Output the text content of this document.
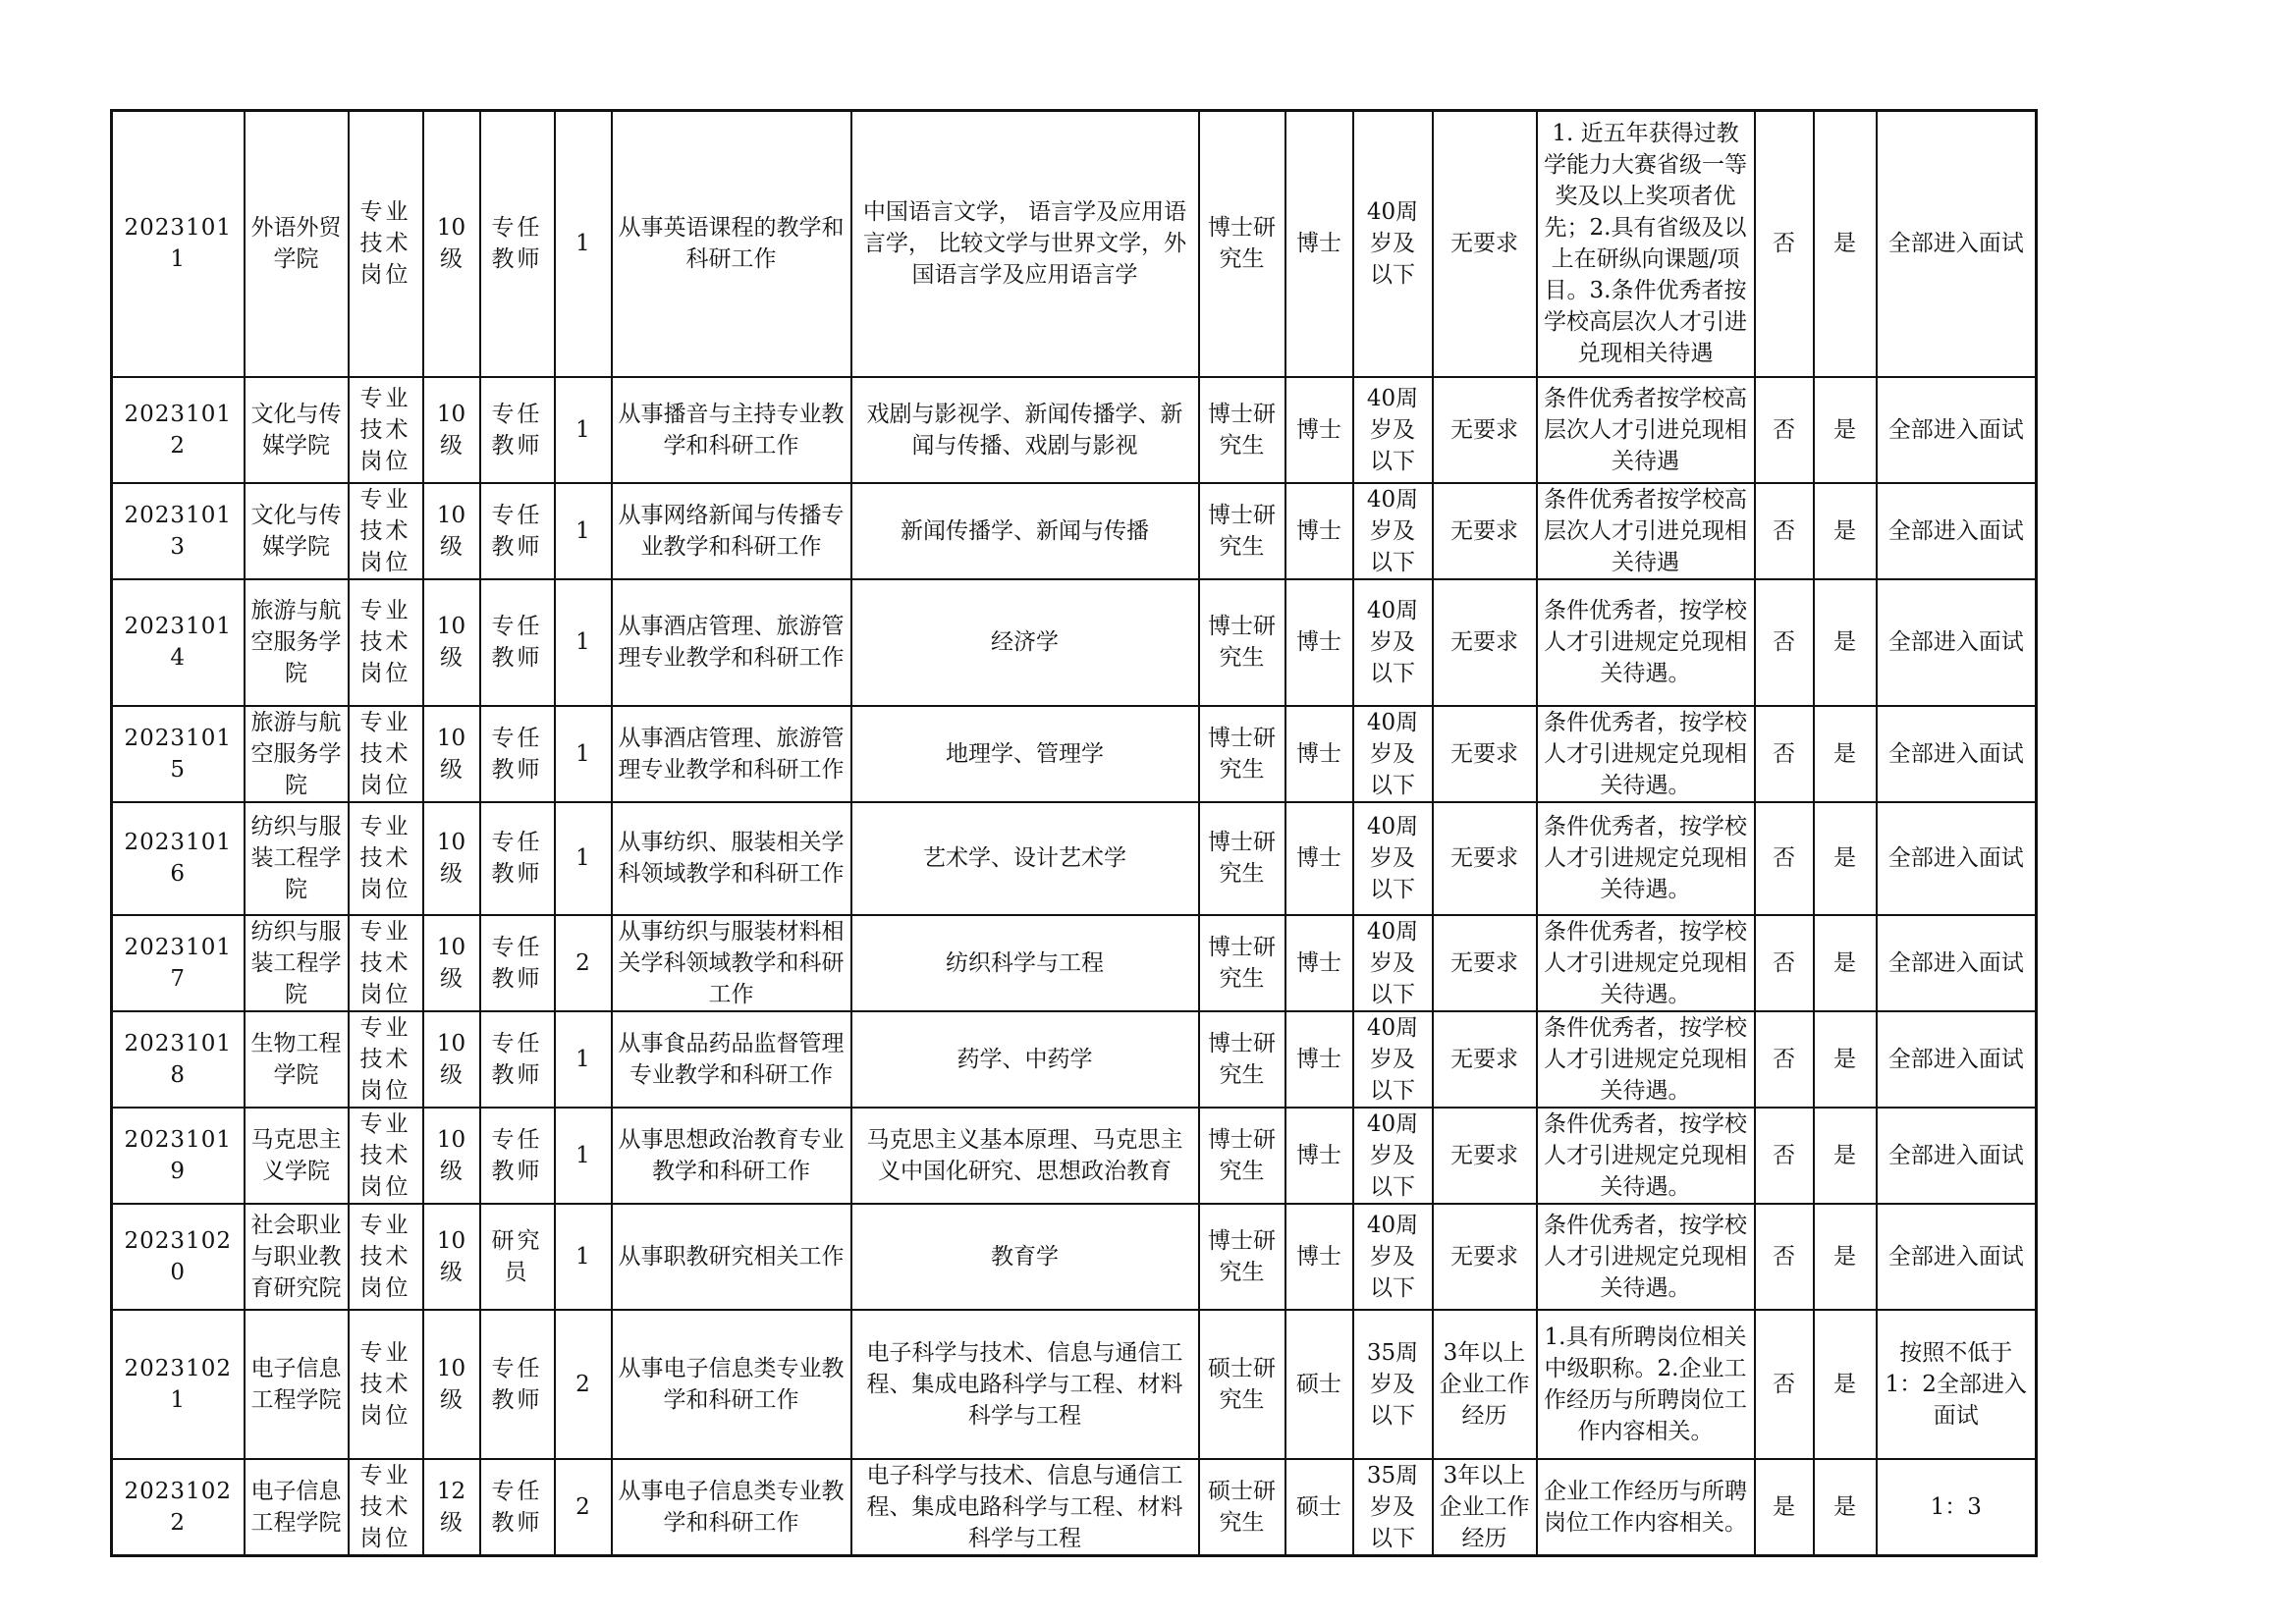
20231011	外语外贸学院	专业技术岗位	10级	专任教师	1	从事英语课程的教学和科研工作	中国语言文学， 语言学及应用语言学， 比较文学与世界文学，外国语言学及应用语言学	博士研究生	博士	40周岁及以下	无要求	1. 近五年获得过教学能力大赛省级一等奖及以上奖项者优先；2.具有省级及以上在研纵向课题/项目。3.条件优秀者按学校高层次人才引进兑现相关待遇	否	是	全部进入面试
20231012	文化与传媒学院	专业技术岗位	10级	专任教师	1	从事播音与主持专业教学和科研工作	戏剧与影视学、新闻传播学、新闻与传播、戏剧与影视	博士研究生	博士	40周岁及以下	无要求	条件优秀者按学校高层次人才引进兑现相关待遇	否	是	全部进入面试
20231013	文化与传媒学院	专业技术岗位	10级	专任教师	1	从事网络新闻与传播专业教学和科研工作	新闻传播学、新闻与传播	博士研究生	博士	40周岁及以下	无要求	条件优秀者按学校高层次人才引进兑现相关待遇	否	是	全部进入面试
20231014	旅游与航空服务学院	专业技术岗位	10级	专任教师	1	从事酒店管理、旅游管理专业教学和科研工作	经济学	博士研究生	博士	40周岁及以下	无要求	条件优秀者，按学校人才引进规定兑现相关待遇。	否	是	全部进入面试
20231015	旅游与航空服务学院	专业技术岗位	10级	专任教师	1	从事酒店管理、旅游管理专业教学和科研工作	地理学、管理学	博士研究生	博士	40周岁及以下	无要求	条件优秀者，按学校人才引进规定兑现相关待遇。	否	是	全部进入面试
20231016	纺织与服装工程学院	专业技术岗位	10级	专任教师	1	从事纺织、服装相关学科领域教学和科研工作	艺术学、设计艺术学	博士研究生	博士	40周岁及以下	无要求	条件优秀者，按学校人才引进规定兑现相关待遇。	否	是	全部进入面试
20231017	纺织与服装工程学院	专业技术岗位	10级	专任教师	2	从事纺织与服装材料相关学科领域教学和科研工作	纺织科学与工程	博士研究生	博士	40周岁及以下	无要求	条件优秀者，按学校人才引进规定兑现相关待遇。	否	是	全部进入面试
20231018	生物工程学院	专业技术岗位	10级	专任教师	1	从事食品药品监督管理专业教学和科研工作	药学、中药学	博士研究生	博士	40周岁及以下	无要求	条件优秀者，按学校人才引进规定兑现相关待遇。	否	是	全部进入面试
20231019	马克思主义学院	专业技术岗位	10级	专任教师	1	从事思想政治教育专业教学和科研工作	马克思主义基本原理、马克思主义中国化研究、思想政治教育	博士研究生	博士	40周岁及以下	无要求	条件优秀者，按学校人才引进规定兑现相关待遇。	否	是	全部进入面试
20231020	社会职业与职业教育研究院	专业技术岗位	10级	研究员	1	从事职教研究相关工作	教育学	博士研究生	博士	40周岁及以下	无要求	条件优秀者，按学校人才引进规定兑现相关待遇。	否	是	全部进入面试
20231021	电子信息工程学院	专业技术岗位	10级	专任教师	2	从事电子信息类专业教学和科研工作	电子科学与技术、信息与通信工程、集成电路科学与工程、材料科学与工程	硕士研究生	硕士	35周岁及以下	3年以上企业工作经历	1.具有所聘岗位相关中级职称。2.企业工作经历与所聘岗位工作内容相关。	否	是	按照不低于1：2全部进入面试
20231022	电子信息工程学院	专业技术岗位	12级	专任教师	2	从事电子信息类专业教学和科研工作	电子科学与技术、信息与通信工程、集成电路科学与工程、材料科学与工程	硕士研究生	硕士	35周岁及以下	3年以上企业工作经历	企业工作经历与所聘岗位工作内容相关。	是	是	1：3
